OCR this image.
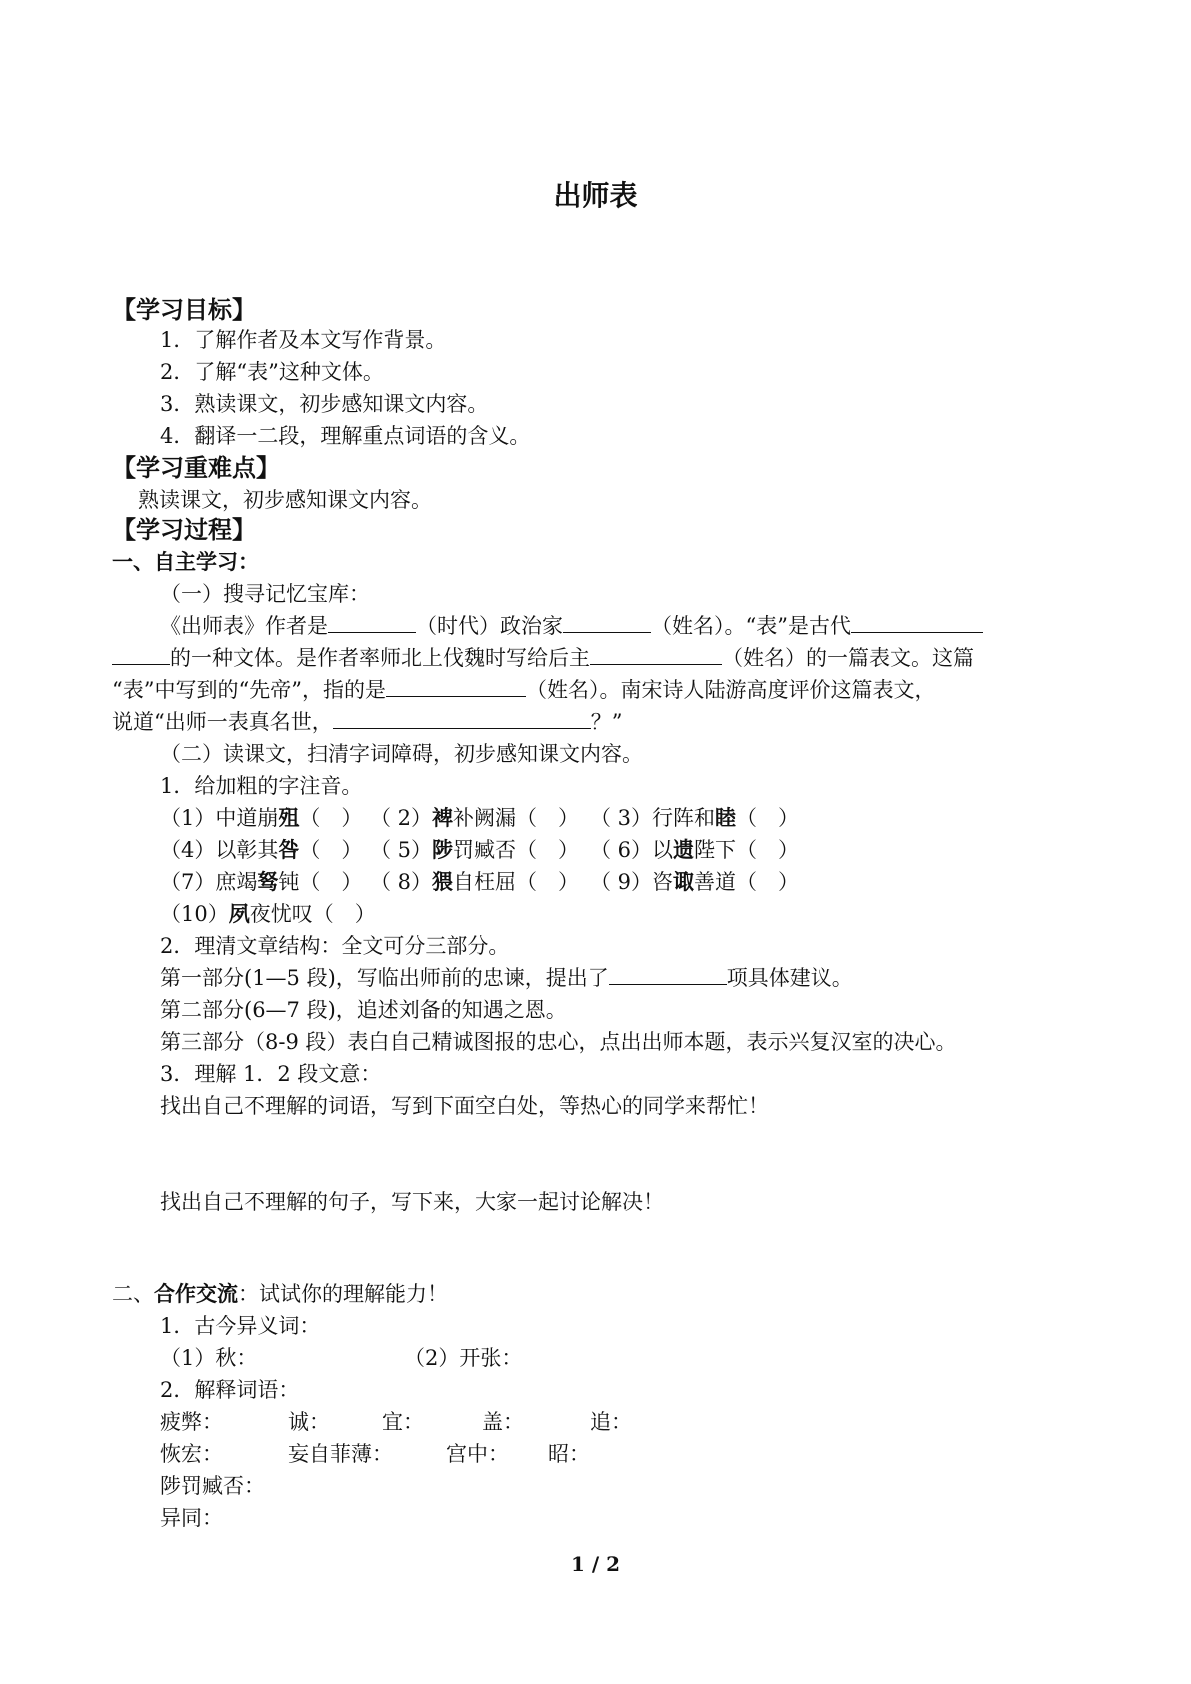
出师表
【学习目标】
1．了解作者及本文写作背景。
2．了解“表”这种文体。
3．熟读课文，初步感知课文内容。
4．翻译一二段，理解重点词语的含义。
【学习重难点】
熟读课文，初步感知课文内容。
【学习过程】
一、自主学习：
（一）搜寻记忆宝库：
《出师表》作者是	（时代）政治家	（姓名）。“表”是古代
的一种文体。是作者率师北上伐魏时写给后主	（姓名）的一篇表文。这篇
“表”中写到的“先帝”，指的是	（姓名）。南宋诗人陆游高度评价这篇表文，
说道“出师一表真名世，	？”
（二）读课文，扫清字词障碍，初步感知课文内容。
1．给加粗的字注音。
（1）中道崩殂（　） （ 2）裨补阙漏（　） （ 3）行阵和睦（　）
（4）以彰其咎（　） （ 5）陟罚臧否（　） （ 6）以遗陛下（　）
（7）庶竭驽钝（　） （ 8）猥自枉屈（　） （ 9）咨诹善道（　）
（10）夙夜忧叹（　）
2．理清文章结构：全文可分三部分。
第一部分(1—5 段)，写临出师前的忠谏，提出了	项具体建议。
第二部分(6—7 段)，追述刘备的知遇之恩。
第三部分（8-9 段）表白自己精诚图报的忠心，点出出师本题，表示兴复汉室的决心。
3．理解 1．2 段文意：
找出自己不理解的词语，写到下面空白处，等热心的同学来帮忙！
找出自己不理解的句子，写下来，大家一起讨论解决！
二、合作交流：试试你的理解能力！
1．古今异义词：
（1）秋：	（2）开张：
2．解释词语：
疲弊：	诚： 宜：	盖：	追：
恢宏：	妄自菲薄：	宫中： 昭：
陟罚臧否：
异同：
1 / 2
